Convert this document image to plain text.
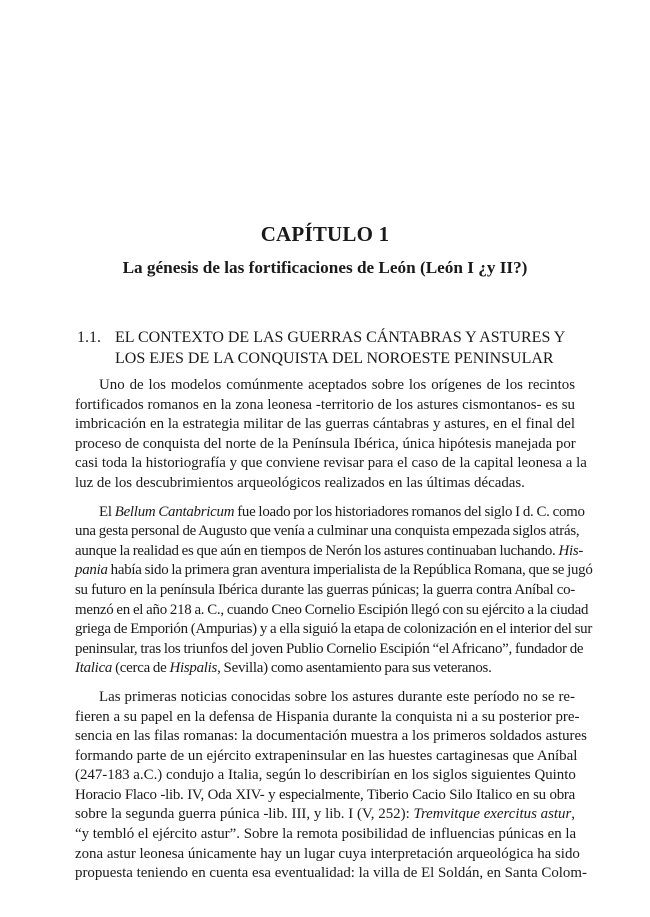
CAPÍTULO 1
La génesis de las fortificaciones de León (León I ¿y II?)
1.1. EL CONTEXTO DE LAS GUERRAS CÁNTABRAS Y ASTURES Y
LOS EJES DE LA CONQUISTA DEL NOROESTE PENINSULAR
Uno de los modelos comúnmente aceptados sobre los orígenes de los recintos
fortificados romanos en la zona leonesa -territorio de los astures cismontanos- es su
imbricación en la estrategia militar de las guerras cántabras y astures, en el final del
proceso de conquista del norte de la Península Ibérica, única hipótesis manejada por
casi toda la historiografía y que conviene revisar para el caso de la capital leonesa a la
luz de los descubrimientos arqueológicos realizados en las últimas décadas.
El Bellum Cantabricum fue loado por los historiadores romanos del siglo I d. C. como
una gesta personal de Augusto que venía a culminar una conquista empezada siglos atrás,
aunque la realidad es que aún en tiempos de Nerón los astures continuaban luchando. His-
pania había sido la primera gran aventura imperialista de la República Romana, que se jugó
su futuro en la península Ibérica durante las guerras púnicas; la guerra contra Aníbal co-
menzó en el año 218 a. C., cuando Cneo Cornelio Escipión llegó con su ejército a la ciudad
griega de Emporión (Ampurias) y a ella siguió la etapa de colonización en el interior del sur
peninsular, tras los triunfos del joven Publio Cornelio Escipión “el Africano”, fundador de
Italica (cerca de Hispalis, Sevilla) como asentamiento para sus veteranos.
Las primeras noticias conocidas sobre los astures durante este período no se re-
fieren a su papel en la defensa de Hispania durante la conquista ni a su posterior pre-
sencia en las filas romanas: la documentación muestra a los primeros soldados astures
formando parte de un ejército extrapeninsular en las huestes cartaginesas que Aníbal
(247-183 a.C.) condujo a Italia, según lo describirían en los siglos siguientes Quinto
Horacio Flaco -lib. IV, Oda XIV- y especialmente, Tiberio Cacio Silo Italico en su obra
sobre la segunda guerra púnica -lib. III, y lib. I (V, 252): Tremvitque exercitus astur,
“y tembló el ejército astur”. Sobre la remota posibilidad de influencias púnicas en la
zona astur leonesa únicamente hay un lugar cuya interpretación arqueológica ha sido
propuesta teniendo en cuenta esa eventualidad: la villa de El Soldán, en Santa Colom-
